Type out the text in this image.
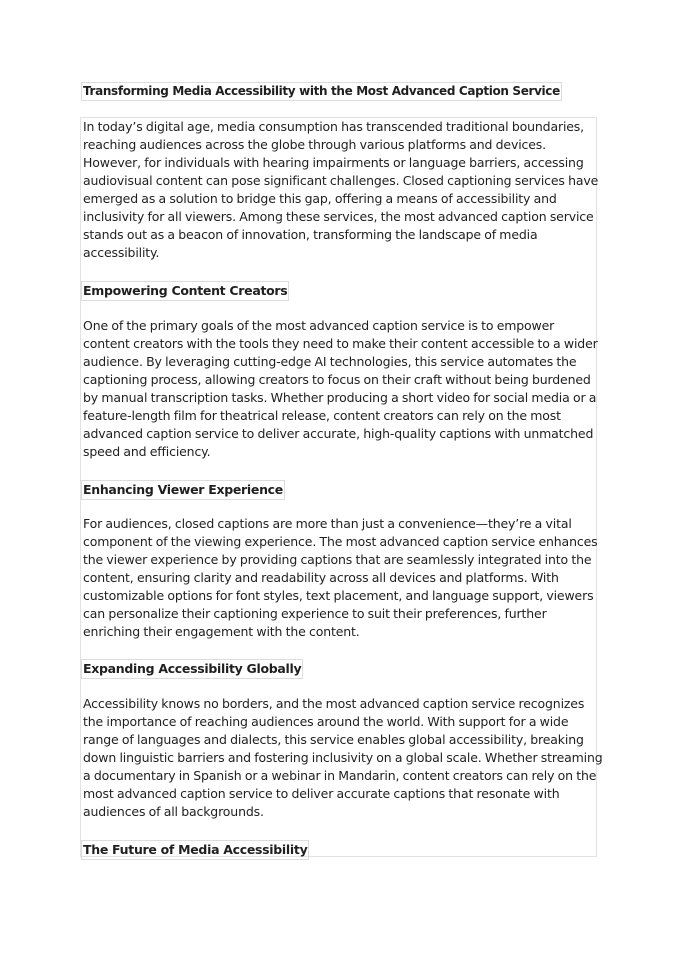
Transforming Media Accessibility with the Most Advanced Caption Service

In today’s digital age, media consumption has transcended traditional boundaries,
reaching audiences across the globe through various platforms and devices.
However, for individuals with hearing impairments or language barriers, accessing
audiovisual content can pose significant challenges. Closed captioning services have
emerged as a solution to bridge this gap, offering a means of accessibility and
inclusivity for all viewers. Among these services, the most advanced caption service
stands out as a beacon of innovation, transforming the landscape of media
accessibility.

Empowering Content Creators

One of the primary goals of the most advanced caption service is to empower
content creators with the tools they need to make their content accessible to a wider
audience. By leveraging cutting-edge AI technologies, this service automates the
captioning process, allowing creators to focus on their craft without being burdened
by manual transcription tasks. Whether producing a short video for social media or a
feature-length film for theatrical release, content creators can rely on the most
advanced caption service to deliver accurate, high-quality captions with unmatched
speed and efficiency.

Enhancing Viewer Experience

For audiences, closed captions are more than just a convenience—they’re a vital
component of the viewing experience. The most advanced caption service enhances
the viewer experience by providing captions that are seamlessly integrated into the
content, ensuring clarity and readability across all devices and platforms. With
customizable options for font styles, text placement, and language support, viewers
can personalize their captioning experience to suit their preferences, further
enriching their engagement with the content.

Expanding Accessibility Globally

Accessibility knows no borders, and the most advanced caption service recognizes
the importance of reaching audiences around the world. With support for a wide
range of languages and dialects, this service enables global accessibility, breaking
down linguistic barriers and fostering inclusivity on a global scale. Whether streaming
a documentary in Spanish or a webinar in Mandarin, content creators can rely on the
most advanced caption service to deliver accurate captions that resonate with
audiences of all backgrounds.

The Future of Media Accessibility
